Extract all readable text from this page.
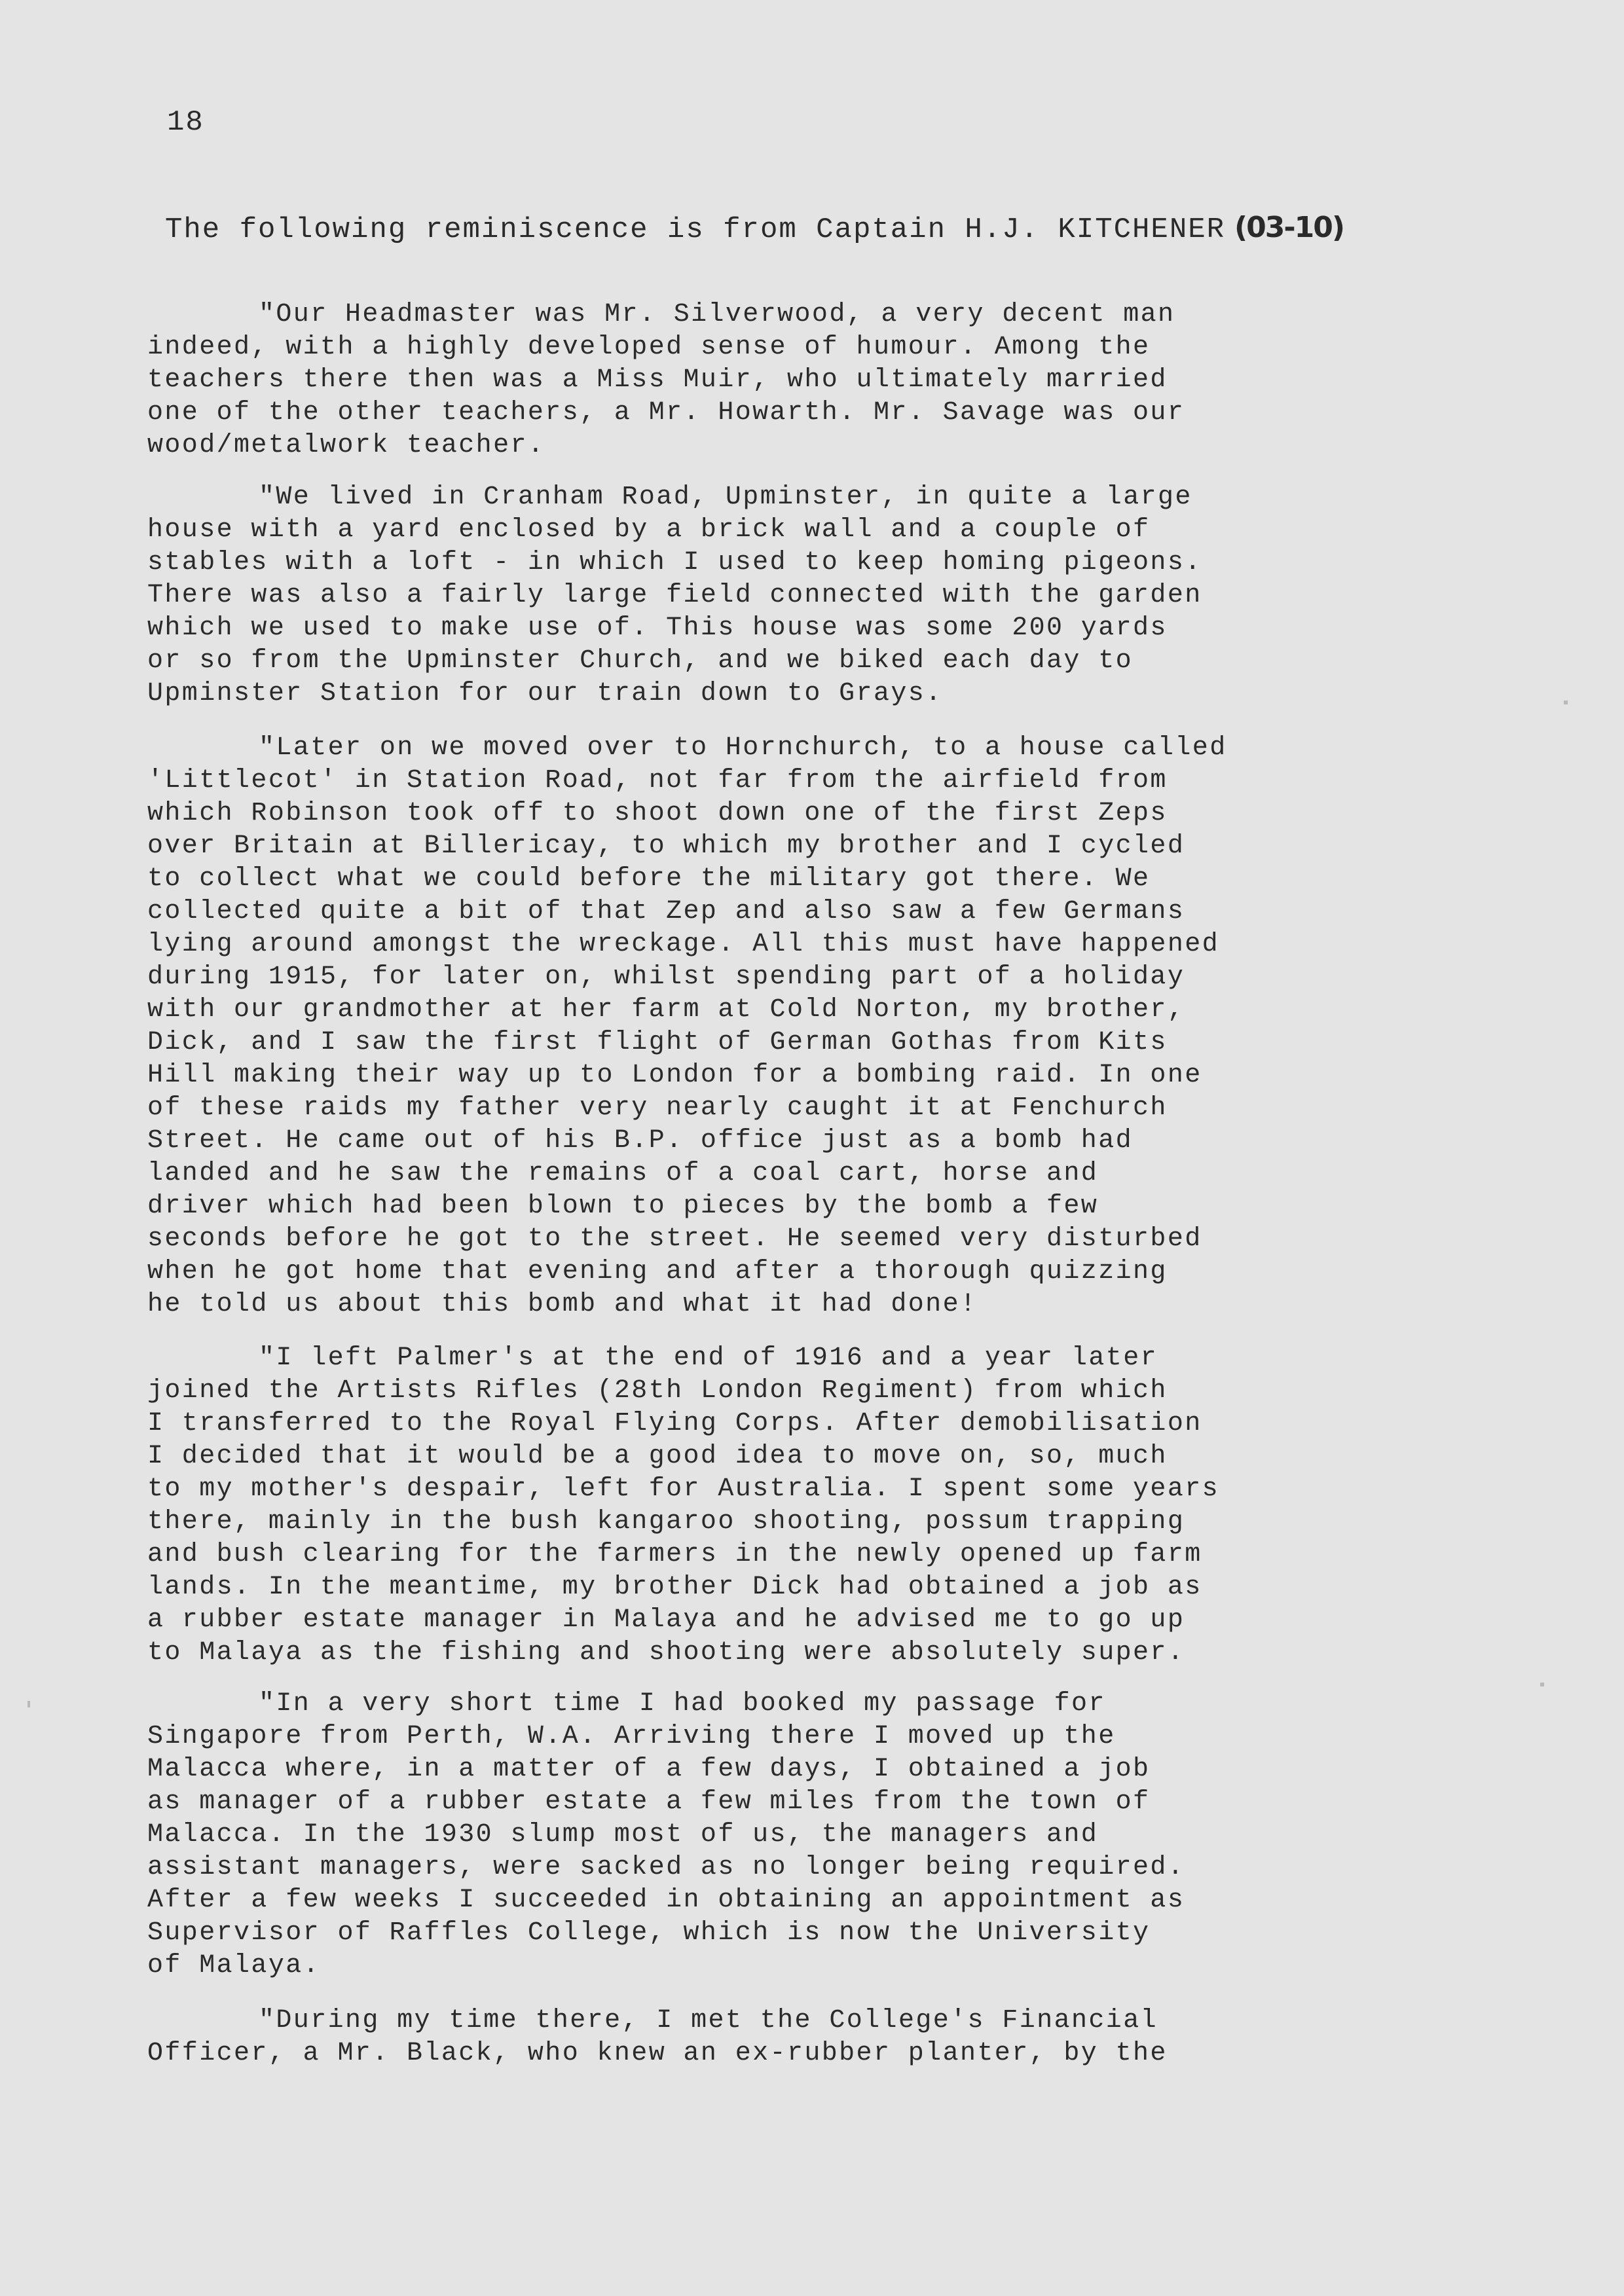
18
The following reminiscence is from Captain H.J. KITCHENER (03-10)
"Our Headmaster was Mr. Silverwood, a very decent man
indeed, with a highly developed sense of humour. Among the
teachers there then was a Miss Muir, who ultimately married
one of the other teachers, a Mr. Howarth. Mr. Savage was our
wood/metalwork teacher.
"We lived in Cranham Road, Upminster, in quite a large
house with a yard enclosed by a brick wall and a couple of
stables with a loft - in which I used to keep homing pigeons.
There was also a fairly large field connected with the garden
which we used to make use of. This house was some 200 yards
or so from the Upminster Church, and we biked each day to
Upminster Station for our train down to Grays.
"Later on we moved over to Hornchurch, to a house called
'Littlecot' in Station Road, not far from the airfield from
which Robinson took off to shoot down one of the first Zeps
over Britain at Billericay, to which my brother and I cycled
to collect what we could before the military got there. We
collected quite a bit of that Zep and also saw a few Germans
lying around amongst the wreckage. All this must have happened
during 1915, for later on, whilst spending part of a holiday
with our grandmother at her farm at Cold Norton, my brother,
Dick, and I saw the first flight of German Gothas from Kits
Hill making their way up to London for a bombing raid. In one
of these raids my father very nearly caught it at Fenchurch
Street. He came out of his B.P. office just as a bomb had
landed and he saw the remains of a coal cart, horse and
driver which had been blown to pieces by the bomb a few
seconds before he got to the street. He seemed very disturbed
when he got home that evening and after a thorough quizzing
he told us about this bomb and what it had done!
"I left Palmer's at the end of 1916 and a year later
joined the Artists Rifles (28th London Regiment) from which
I transferred to the Royal Flying Corps. After demobilisation
I decided that it would be a good idea to move on, so, much
to my mother's despair, left for Australia. I spent some years
there, mainly in the bush kangaroo shooting, possum trapping
and bush clearing for the farmers in the newly opened up farm
lands. In the meantime, my brother Dick had obtained a job as
a rubber estate manager in Malaya and he advised me to go up
to Malaya as the fishing and shooting were absolutely super.
"In a very short time I had booked my passage for
Singapore from Perth, W.A. Arriving there I moved up the
Malacca where, in a matter of a few days, I obtained a job
as manager of a rubber estate a few miles from the town of
Malacca. In the 1930 slump most of us, the managers and
assistant managers, were sacked as no longer being required.
After a few weeks I succeeded in obtaining an appointment as
Supervisor of Raffles College, which is now the University
of Malaya.
"During my time there, I met the College's Financial
Officer, a Mr. Black, who knew an ex-rubber planter, by the
